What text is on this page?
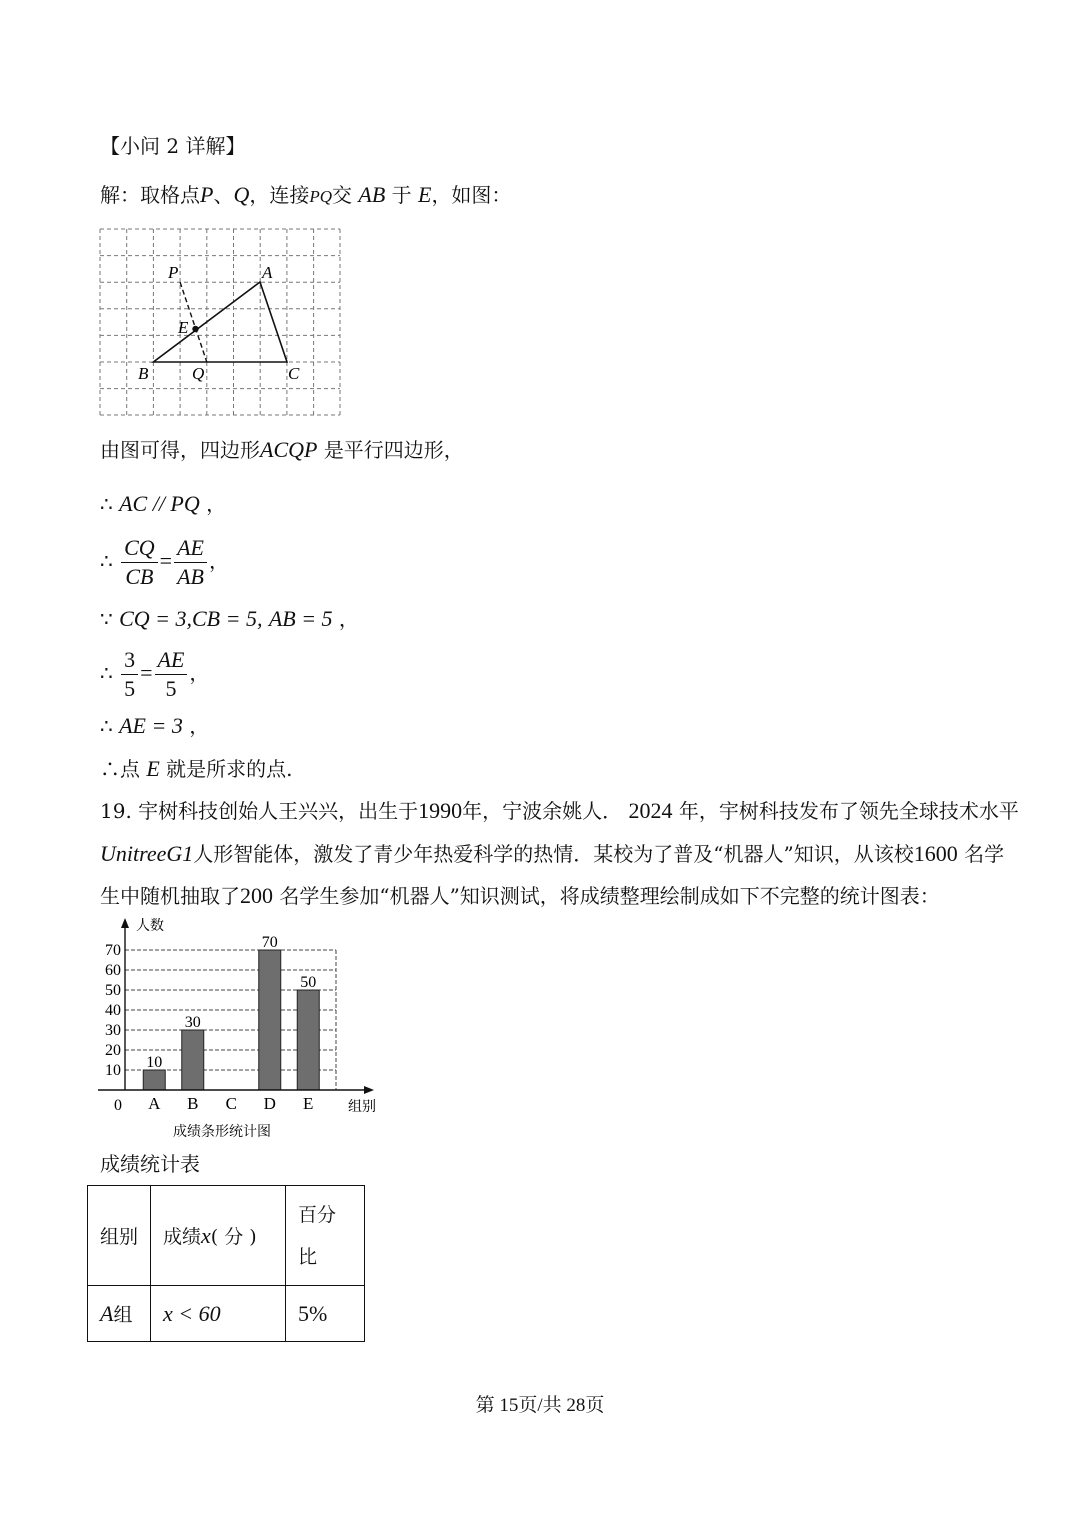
【小问 2 详解】
解：取格点P、Q，连接PQ交 AB 于 E，如图：
P	A
E
B	Q	C
由图可得，四边形ACQP 是平行四边形，
∴ AC // PQ ，
∴ $\frac{CQ}{CB} = \frac{AE}{AB}$ ，
∵ CQ = 3,CB = 5, AB = 5 ，
∴ $\frac{3}{5} = \frac{AE}{5}$ ，
∴ AE = 3 ，
∴点 E 就是所求的点.
19. 宇树科技创始人王兴兴，出生于1990年，宁波余姚人． 2024 年，宇树科技发布了领先全球技术水平
UnitreeG1人形智能体，激发了青少年热爱科学的热情．某校为了普及“机器人”知识，从该校1600 名学
生中随机抽取了200 名学生参加“机器人”知识测试，将成绩整理绘制成如下不完整的统计图表：
10
20
30
40
50
60
70
A B C D E
10
30
70
50
人数
组别
0
成绩条形统计图
成绩统计表
组别	成绩x( 分 )	百分
比
A组	x < 60	5%
第 15页/共 28页
